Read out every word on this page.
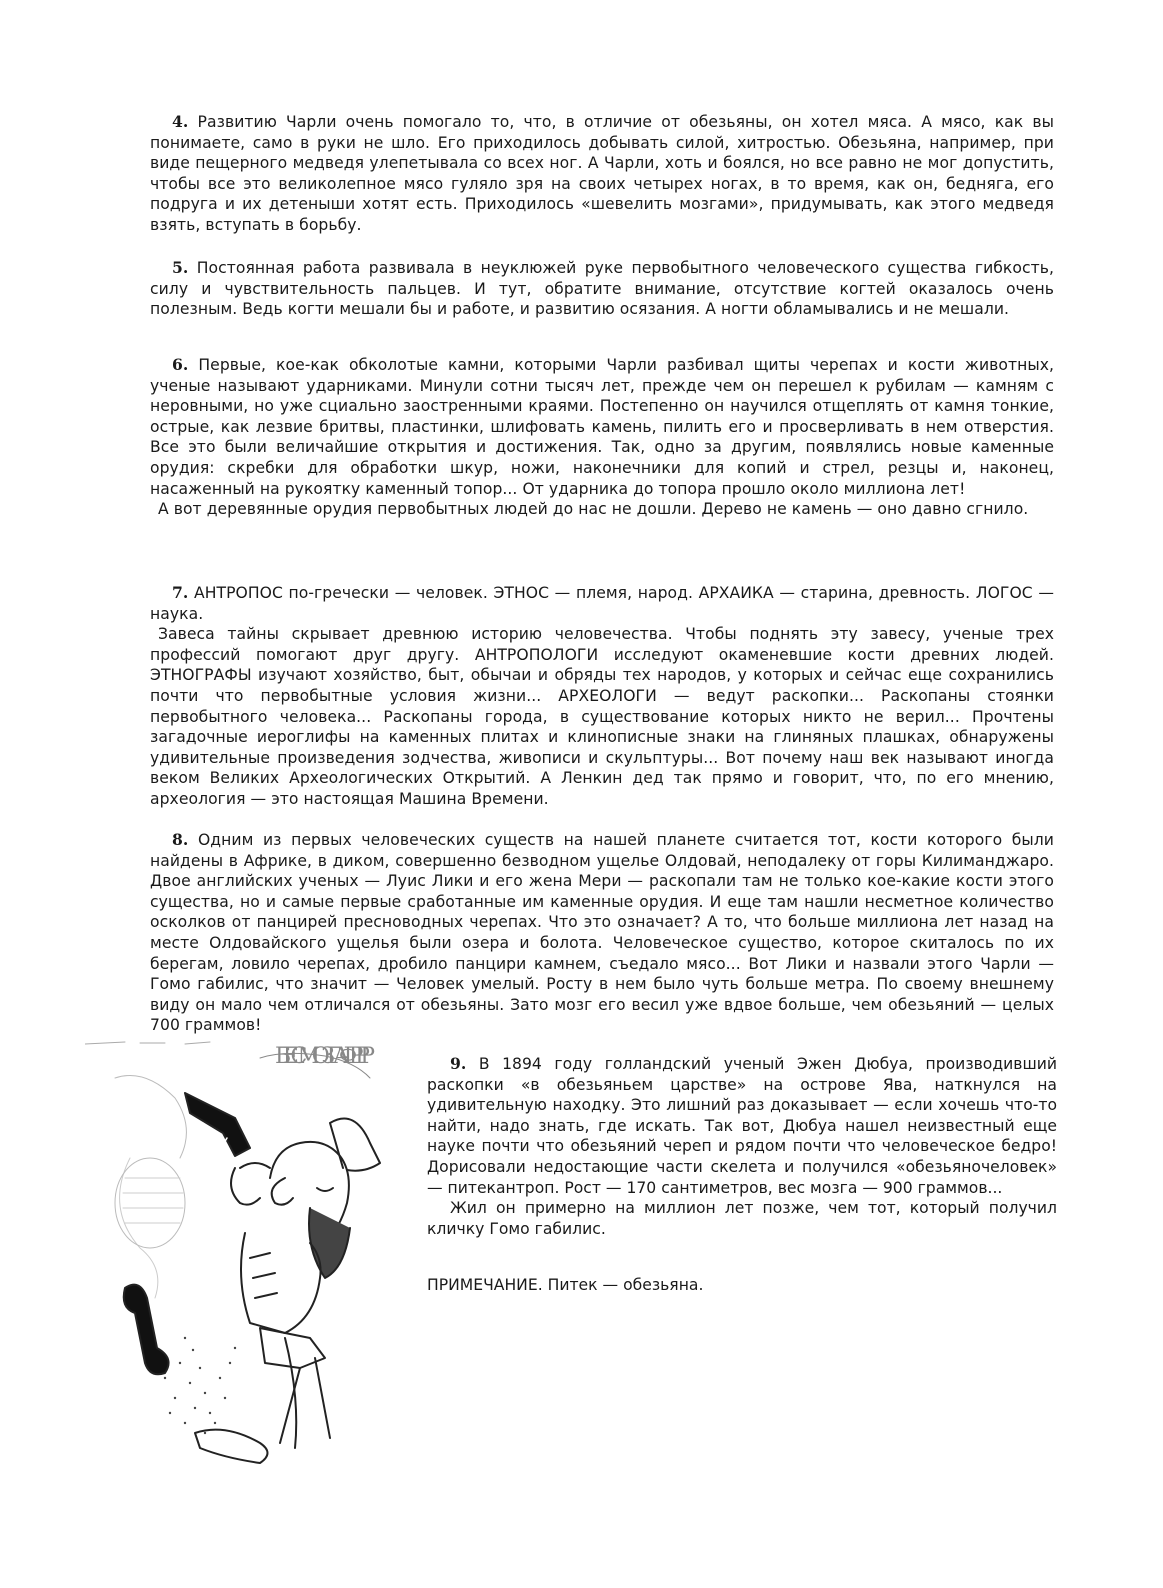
4. Развитию Чарли очень помогало то, что, в отличие от обезьяны, он хотел мяса. А мясо, как вы понимаете, само в руки не шло. Его приходилось добывать силой, хитростью. Обезьяна, например, при виде пещерного медведя улепетывала со всех ног. А Чарли, хоть и боялся, но все равно не мог допустить, чтобы все это великолепное мясо гуляло зря на своих четырех ногах, в то время, как он, бедняга, его подруга и их детеныши хотят есть. Приходилось «шевелить мозгами», придумывать, как этого медведя взять, вступать в борьбу.

5. Постоянная работа развивала в неуклюжей руке первобытного человеческого существа гибкость, силу и чувствительность пальцев. И тут, обратите внимание, отсутствие когтей оказалось очень полезным. Ведь когти мешали бы и работе, и развитию осязания. А ногти обламывались и не мешали.

6. Первые, кое-как обколотые камни, которыми Чарли разбивал щиты черепах и кости животных, ученые называют ударниками. Минули сотни тысяч лет, прежде чем он перешел к рубилам — камням с неровными, но уже сциально заостренными краями. Постепенно он научился отщеплять от камня тонкие, острые, как лезвие бритвы, пластинки, шлифовать камень, пилить его и просверливать в нем отверстия. Все это были величайшие открытия и достижения. Так, одно за другим, появлялись новые каменные орудия: скребки для обработки шкур, ножи, наконечники для копий и стрел, резцы и, наконец, насаженный на рукоятку каменный топор... От ударника до топора прошло около миллиона лет!

А вот деревянные орудия первобытных людей до нас не дошли. Дерево не камень — оно давно сгнило.

7. АНТРОПОС по-гречески — человек. ЭТНОС — племя, народ. АРХАИКА — старина, древность. ЛОГОС — наука.

Завеса тайны скрывает древнюю историю человечества. Чтобы поднять эту завесу, ученые трех профессий помогают друг другу. АНТРОПОЛОГИ исследуют окаменевшие кости древних людей. ЭТНОГРАФЫ изучают хозяйство, быт, обычаи и обряды тех народов, у которых и сейчас еще сохранились почти что первобытные условия жизни... АРХЕОЛОГИ — ведут раскопки... Раскопаны стоянки первобытного человека... Раскопаны города, в существование которых никто не верил... Прочтены загадочные иероглифы на каменных плитах и клинописные знаки на глиняных плашках, обнаружены удивительные произведения зодчества, живописи и скульптуры... Вот почему наш век называют иногда веком Великих Археологических Открытий. А Ленкин дед так прямо и говорит, что, по его мнению, археология — это настоящая Машина Времени.

8. Одним из первых человеческих существ на нашей планете считается тот, кости которого были найдены в Африке, в диком, совершенно безводном ущелье Олдовай, неподалеку от горы Килиманджаро. Двое английских ученых — Луис Лики и его жена Мери — раскопали там не только кое-какие кости этого существа, но и самые первые сработанные им каменные орудия. И еще там нашли несметное количество осколков от панцирей пресноводных черепах. Что это означает? А то, что больше миллиона лет назад на месте Олдовайского ущелья были озера и болота. Человеческое существо, которое скиталось по их берегам, ловило черепах, дробило панцири камнем, съедало мясо... Вот Лики и назвали этого Чарли — Гомо габилис, что значит — Человек умелый. Росту в нем было чуть больше метра. По своему внешнему виду он мало чем отличался от обезьяны. Зато мозг его весил уже вдвое больше, чем обезьяний — целых 700 граммов!

БЕС МОЗГА- ФРР Р	9. В 1894 году голландский ученый Эжен Дюбуа, производивший раскопки «в обезьяньем царстве» на острове Ява, наткнулся на удивительную находку. Это лишний раз доказывает — если хочешь что-то найти, надо знать, где искать. Так вот, Дюбуа нашел неизвестный еще науке почти что обезьяний череп и рядом почти что человеческое бедро! Дорисовали недостающие части скелета и получился «обезьяночеловек» — питекантроп. Рост — 170 сантиметров, вес мозга — 900 граммов...

Жил он примерно на миллион лет позже, чем тот, который получил кличку Гомо габилис.

ПРИМЕЧАНИЕ. Питек — обезьяна.
